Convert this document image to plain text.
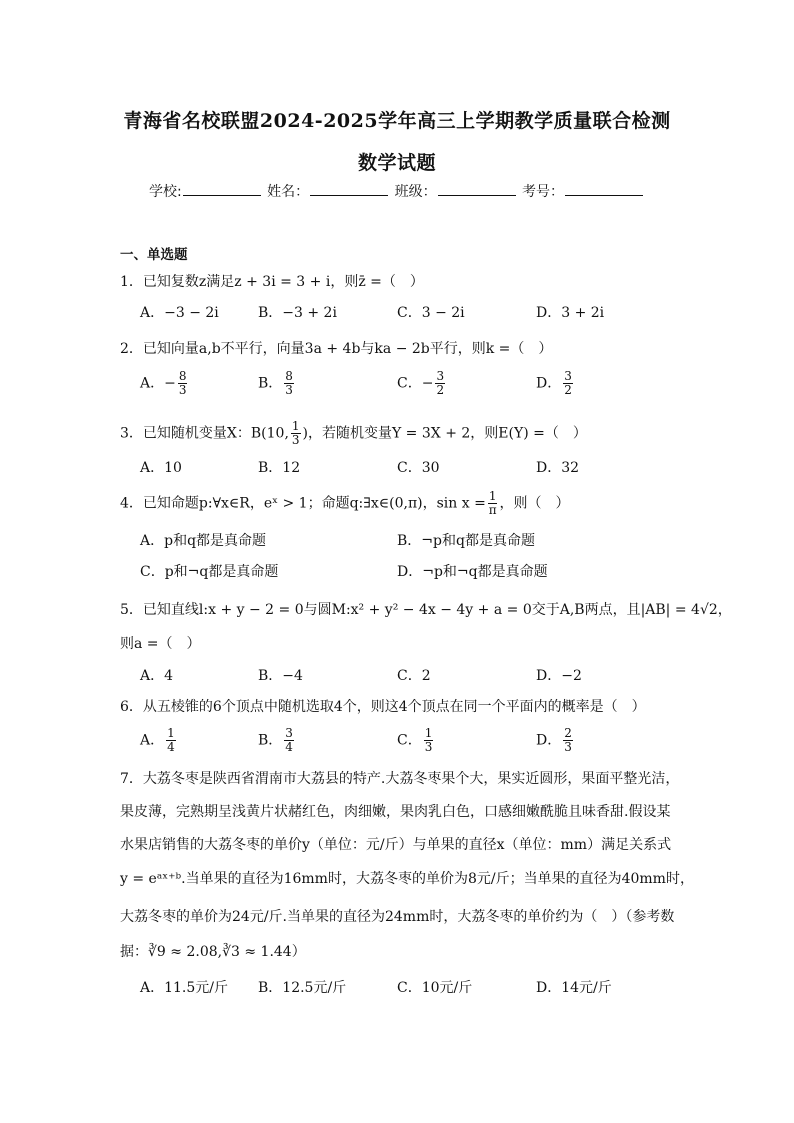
青海省名校联盟2024-2025学年高三上学期教学质量联合检测
数学试题
学校:	姓名：	班级：	考号：
一、单选题
1．已知复数z满足z + 3i = 3 + i，则z̄ =（　）
A．−3 − 2i	B．−3 + 2i	C．3 − 2i	D．3 + 2i
2．已知向量a,b不平行，向量3a + 4b与ka − 2b平行，则k =（　）
A．− $\frac{8}{3}$	B． $\frac{8}{3}$	C．− $\frac{3}{2}$	D． $\frac{3}{2}$
3．已知随机变量X：B(10, $\frac{1}{3}$ )，若随机变量Y = 3X + 2，则E(Y) =（　）
A．10	B．12	C．30	D．32
4．已知命题p:∀x∈R，eˣ > 1；命题q:∃x∈(0,π)，$\sin x = \frac{1}{\pi}$ ，则（　）
A．p和q都是真命题	B．¬p和q都是真命题
C．p和¬q都是真命题	D．¬p和¬q都是真命题
5．已知直线l:x + y − 2 = 0与圆M:x² + y² − 4x − 4y + a = 0交于A,B两点，且|AB| = 4√2，
则a =（　）
A．4	B．−4	C．2	D．−2
6．从五棱锥的6个顶点中随机选取4个，则这4个顶点在同一个平面内的概率是（　）
A． $\frac{1}{4}$	B． $\frac{3}{4}$	C． $\frac{1}{3}$	D． $\frac{2}{3}$
7．大荔冬枣是陕西省渭南市大荔县的特产.大荔冬枣果个大，果实近圆形，果面平整光洁，
果皮薄，完熟期呈浅黄片状赭红色，肉细嫩，果肉乳白色，口感细嫩酰脆且味香甜.假设某
水果店销售的大荔冬枣的单价y（单位：元/斤）与单果的直径x（单位：mm）满足关系式
y = eᵃˣ⁺ᵇ.当单果的直径为16mm时，大荔冬枣的单价为8元/斤；当单果的直径为40mm时，
大荔冬枣的单价为24元/斤.当单果的直径为24mm时，大荔冬枣的单价约为（　）（参考数
据：∛9 ≈ 2.08,∛3 ≈ 1.44）
A．11.5元/斤 B．12.5元/斤	C．10元/斤	D．14元/斤
